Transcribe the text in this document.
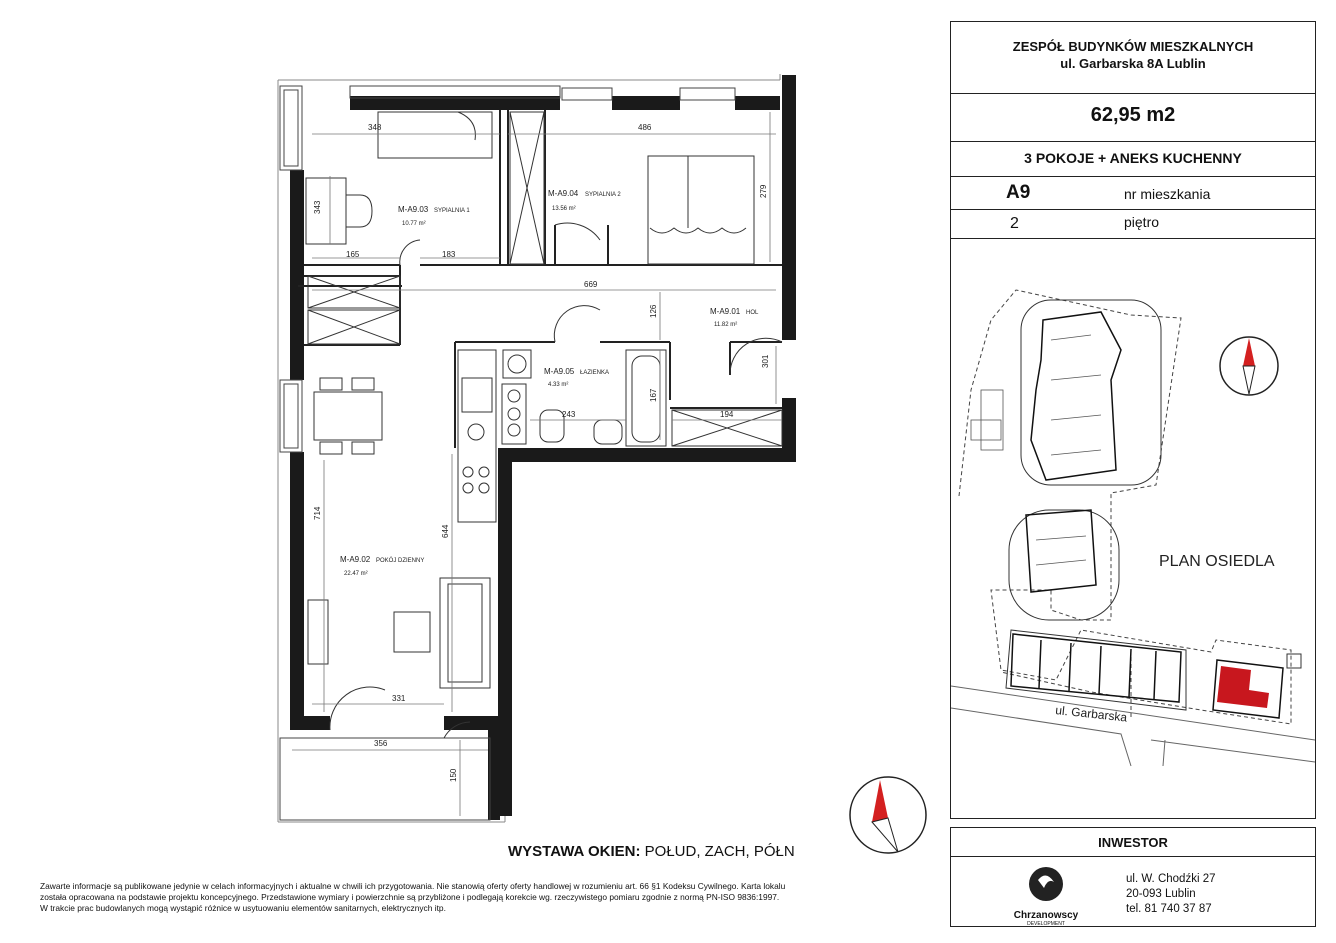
348	486
343
279
165	183
669
126
301
167
243	194
714
644
331
356
150
M-A9.03 SYPIALNIA 1
10.77 m²
M-A9.04 SYPIALNIA 2
13.56 m²
M-A9.01 HOL
11.82 m²
M-A9.05 ŁAZIENKA
4.33 m²
M-A9.02 POKÓJ DZIENNY
22.47 m²
WYSTAWA OKIEN: POŁUD, ZACH, PÓŁN
Zawarte informacje są publikowane jedynie w celach informacyjnych i aktualne w chwili ich przygotowania. Nie stanowią oferty oferty handlowej w rozumieniu art. 66 §1 Kodeksu Cywilnego. Karta lokalu
została opracowana na podstawie projektu koncepcyjnego. Przedstawione wymiary i powierzchnie są przybliżone i podlegają korekcie wg. rzeczywistego pomiaru zgodnie z normą PN-ISO 9836:1997.
W trakcie prac budowlanych mogą wystąpić różnice w usytuowaniu elementów sanitarnych, elektrycznych itp.
ZESPÓŁ BUDYNKÓW MIESZKALNYCH
ul. Garbarska 8A Lublin
62,95 m2
3 POKOJE + ANEKS KUCHENNY
A9	nr mieszkania
2	piętro
ul. Garbarska
PLAN OSIEDLA
INWESTOR
Chrzanowscy
DEVELOPMENT
ul. W. Chodźki 27
20-093 Lublin
tel. 81 740 37 87
